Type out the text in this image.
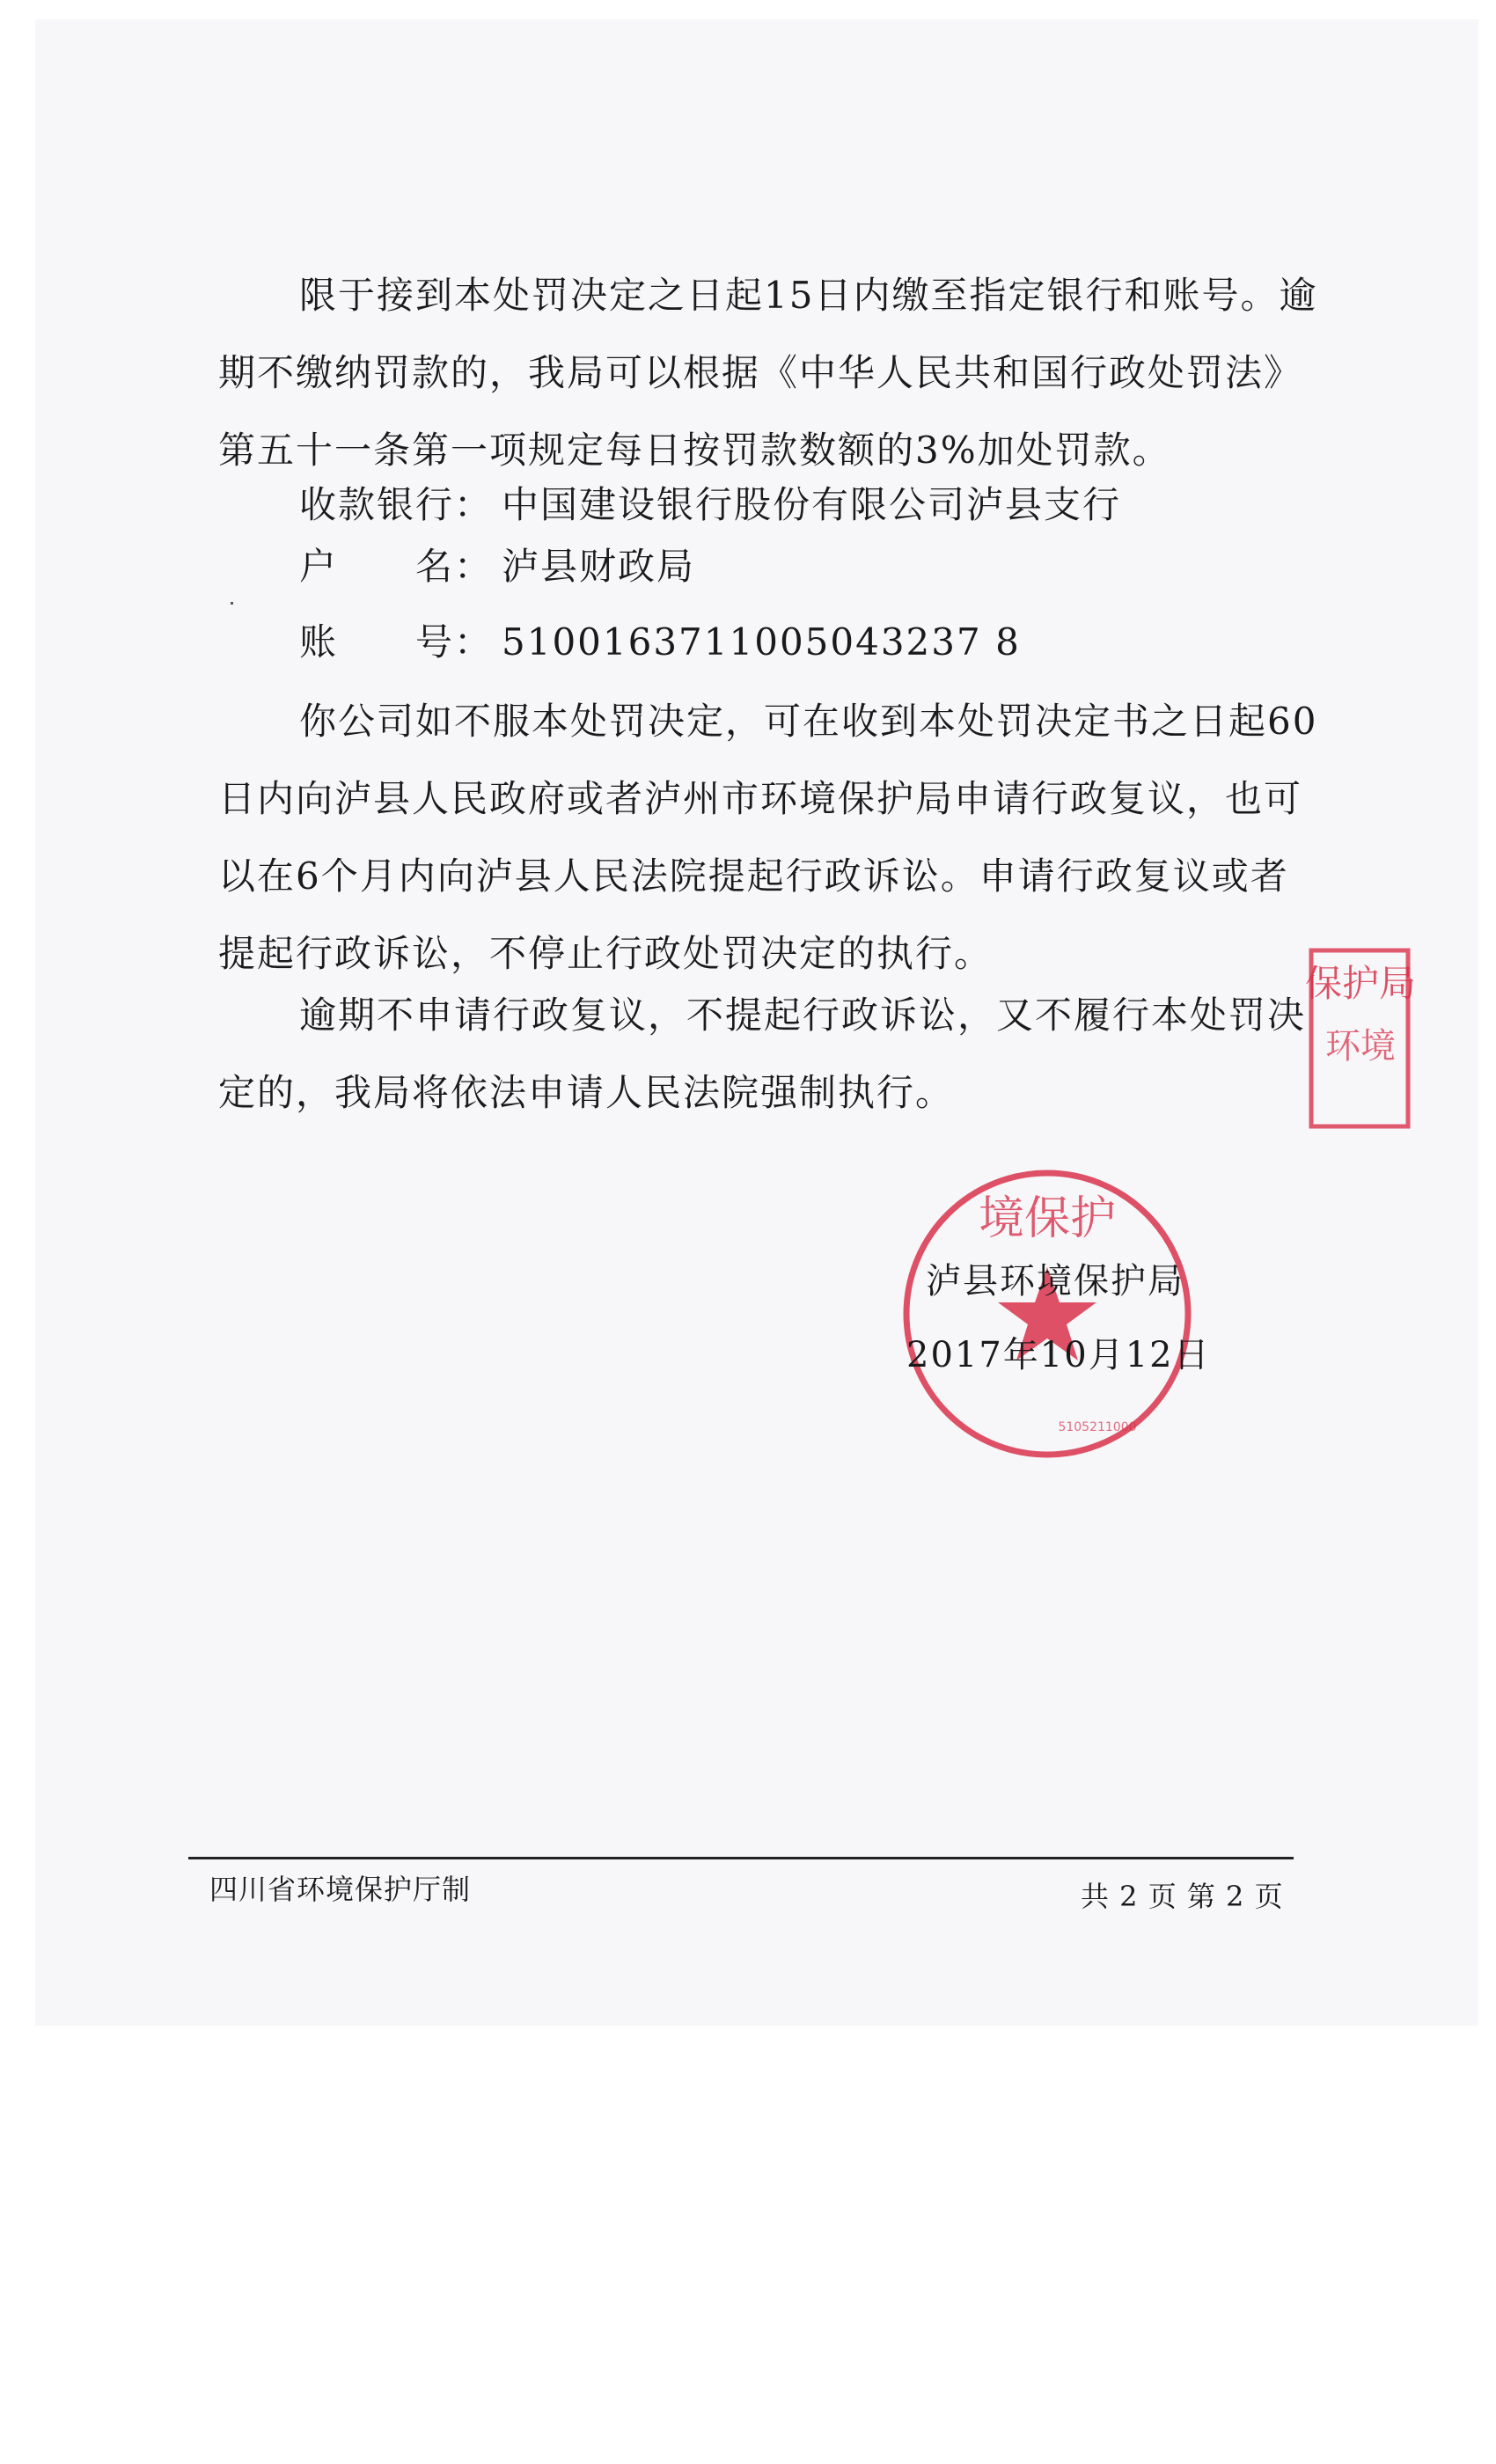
限于接到本处罚决定之日起15日内缴至指定银行和账号。逾期不缴纳罚款的，我局可以根据《中华人民共和国行政处罚法》第五十一条第一项规定每日按罚款数额的3%加处罚款。

收款银行： 中国建设银行股份有限公司泸县支行
户　　名： 泸县财政局
账　　号： 5100163711005043237 8

你公司如不服本处罚决定，可在收到本处罚决定书之日起60日内向泸县人民政府或者泸州市环境保护局申请行政复议，也可以在6个月内向泸县人民法院提起行政诉讼。申请行政复议或者提起行政诉讼，不停止行政处罚决定的执行。

逾期不申请行政复议，不提起行政诉讼，又不履行本处罚决定的，我局将依法申请人民法院强制执行。

保护局
环境
境保护
5105211000
泸县环境保护局
2017年10月12日
四川省环境保护厅制	共 2 页 第 2 页
